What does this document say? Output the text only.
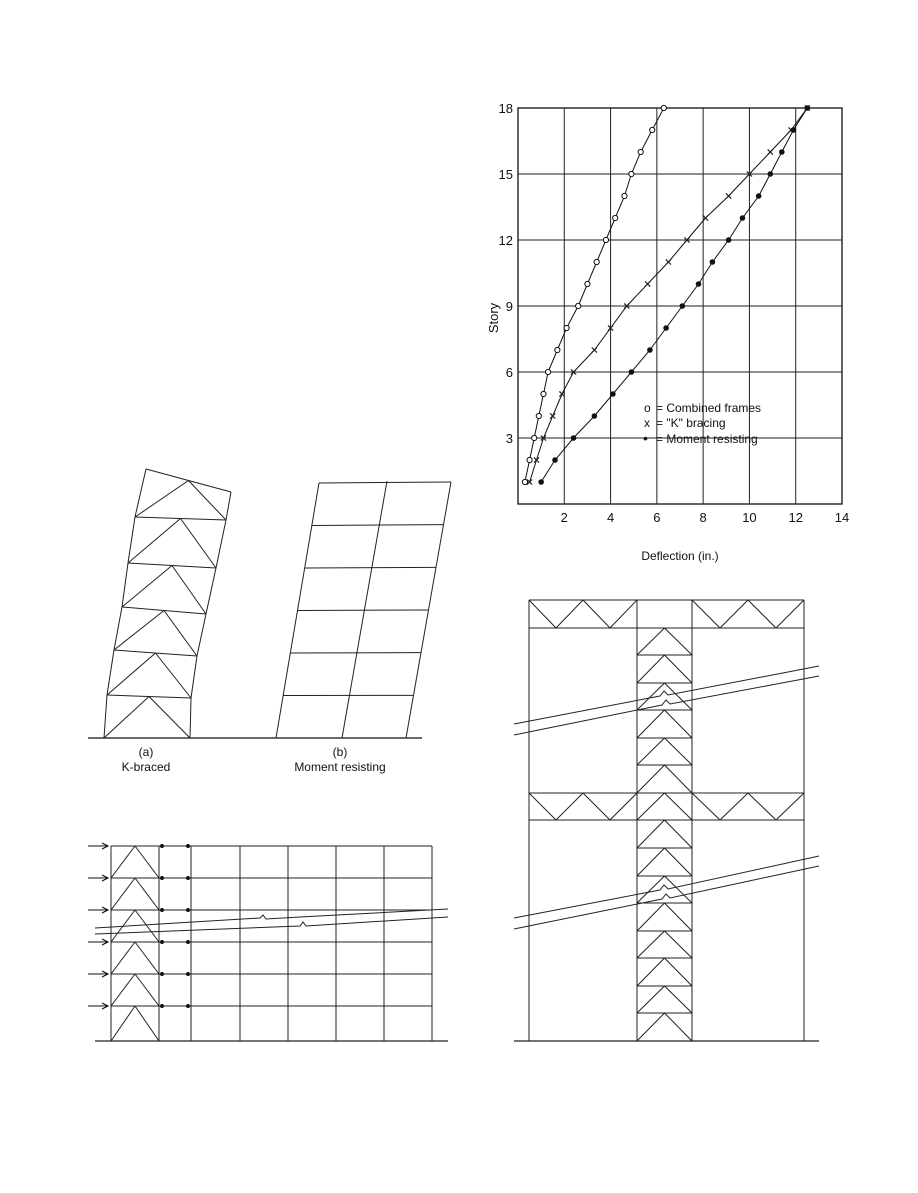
2	4	6	8	10 12 14
3
6
9
12
15
18
Deflection (in.)
Story
o = Combined frames
x = "K" bracing
• = Moment resisting
(a)
K-braced
(b)
Moment resisting
